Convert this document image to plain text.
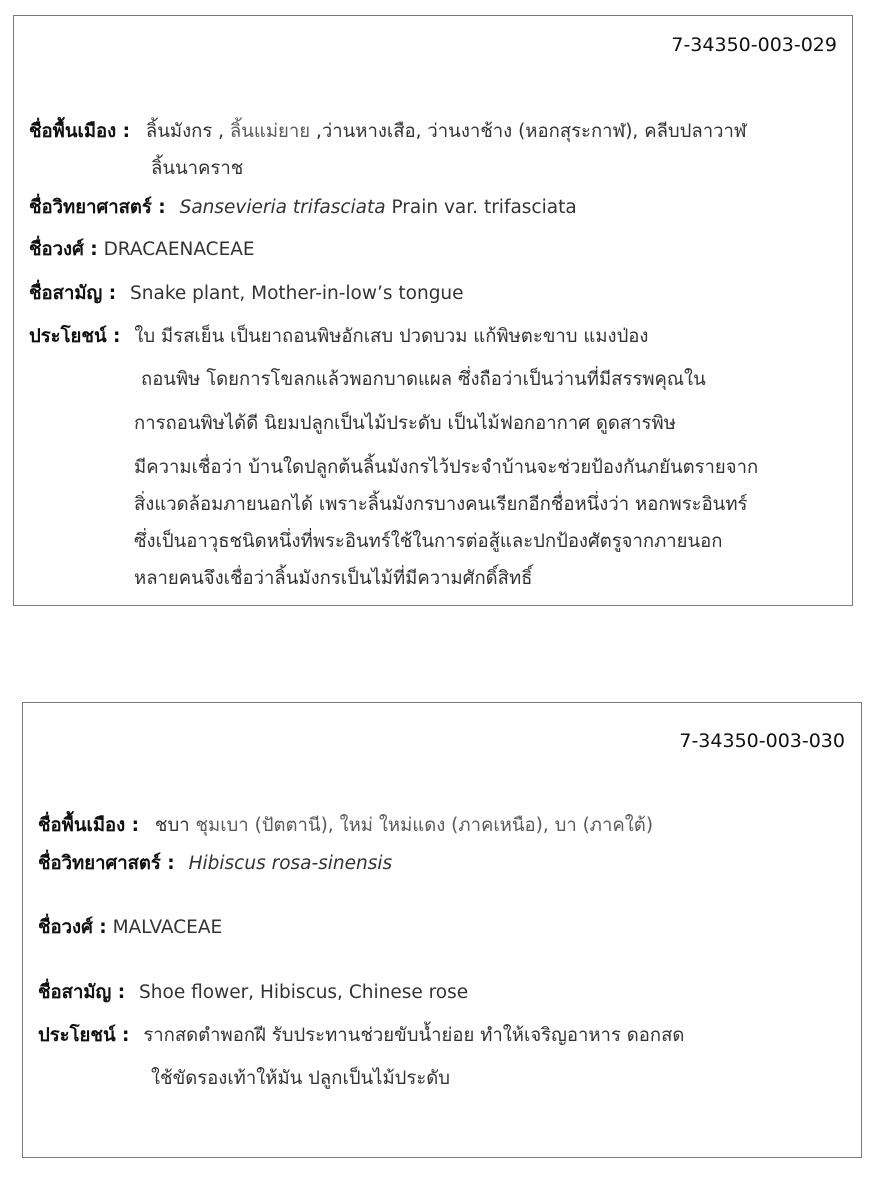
7-34350-003-029
ชื่อพื้นเมือง : ลิ้นมังกร , ลิ้นแม่ยาย ,ว่านหางเสือ, ว่านงาช้าง (หอกสุระกาฬ), คลีบปลาวาฬ
ลิ้นนาคราช
ชื่อวิทยาศาสตร์ : Sansevieria trifasciata Prain var. trifasciata
ชื่อวงศ์ : DRACAENACEAE
ชื่อสามัญ : Snake plant, Mother-in-low’s tongue
ประโยชน์ : ใบ มีรสเย็น เป็นยาถอนพิษอักเสบ ปวดบวม แก้พิษตะขาบ แมงป่อง
ถอนพิษ โดยการโขลกแล้วพอกบาดแผล ซึ่งถือว่าเป็นว่านที่มีสรรพคุณใน
การถอนพิษได้ดี นิยมปลูกเป็นไม้ประดับ เป็นไม้ฟอกอากาศ ดูดสารพิษ
มีความเชื่อว่า บ้านใดปลูกต้นลิ้นมังกรไว้ประจำบ้านจะช่วยป้องกันภยันตรายจาก
สิ่งแวดล้อมภายนอกได้ เพราะลิ้นมังกรบางคนเรียกอีกชื่อหนึ่งว่า หอกพระอินทร์
ซึ่งเป็นอาวุธชนิดหนึ่งที่พระอินทร์ใช้ในการต่อสู้และปกป้องศัตรูจากภายนอก
หลายคนจึงเชื่อว่าลิ้นมังกรเป็นไม้ที่มีความศักดิ์สิทธิ์
7-34350-003-030
ชื่อพื้นเมือง : ชบา ชุมเบา (ปัตตานี), ใหม่ ใหม่แดง (ภาคเหนือ), บา (ภาคใต้)
ชื่อวิทยาศาสตร์ : Hibiscus rosa-sinensis
ชื่อวงศ์ : MALVACEAE
ชื่อสามัญ : Shoe flower, Hibiscus, Chinese rose
ประโยชน์ : รากสดตำพอกฝี รับประทานช่วยขับน้ำย่อย ทำให้เจริญอาหาร ดอกสด
ใช้ขัดรองเท้าให้มัน ปลูกเป็นไม้ประดับ
